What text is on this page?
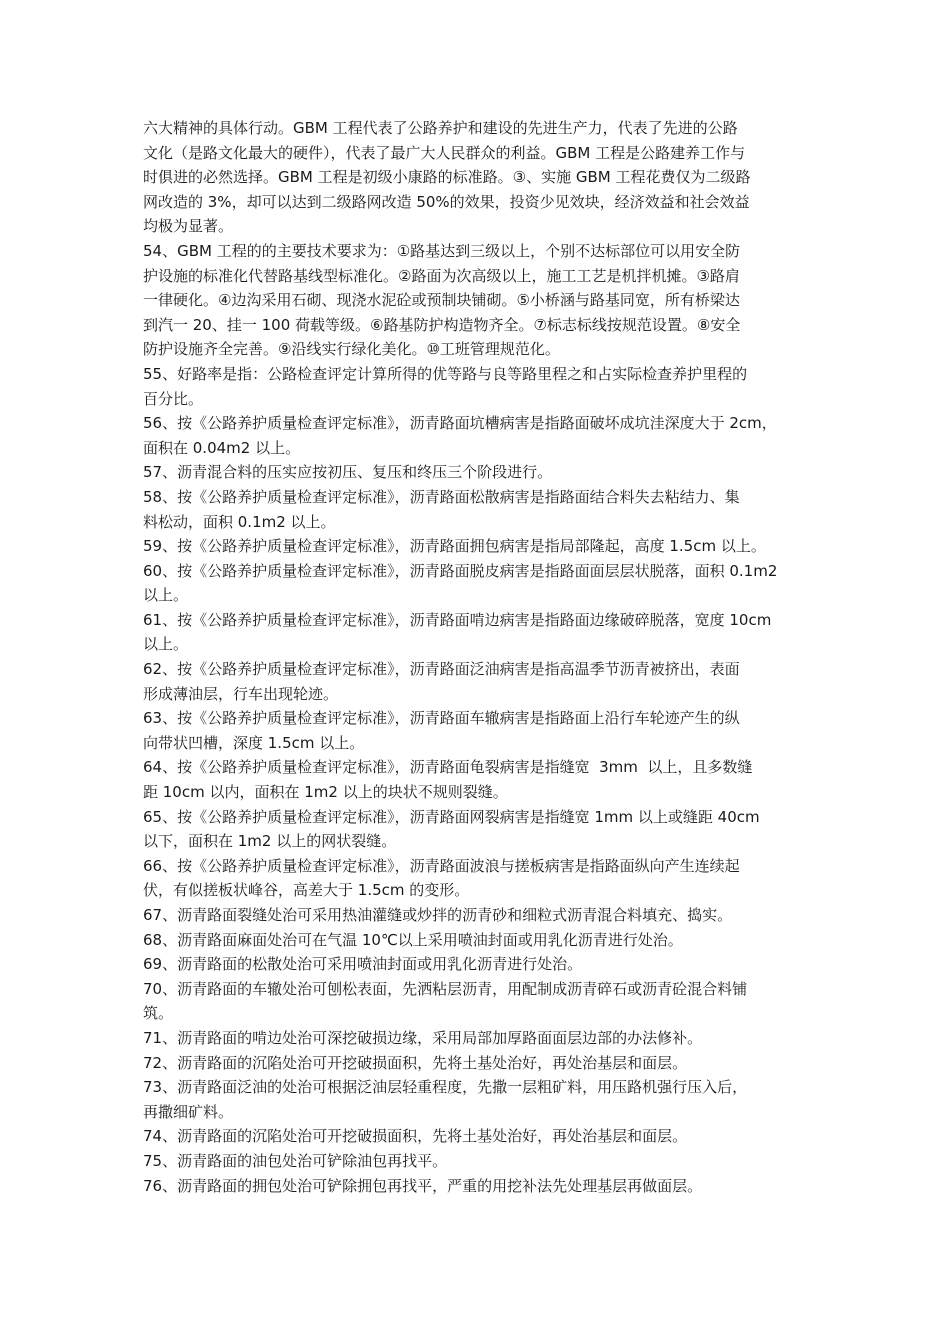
六大精神的具体行动。GBM 工程代表了公路养护和建设的先进生产力，代表了先进的公路

文化（是路文化最大的硬件），代表了最广大人民群众的利益。GBM 工程是公路建养工作与

时俱进的必然选择。GBM 工程是初级小康路的标准路。③、实施 GBM 工程花费仅为二级路

网改造的 3%，却可以达到二级路网改造 50%的效果，投资少见效块，经济效益和社会效益

均极为显著。

54、GBM 工程的的主要技术要求为：①路基达到三级以上，个别不达标部位可以用安全防

护设施的标准化代替路基线型标准化。②路面为次高级以上，施工工艺是机拌机摊。③路肩

一律硬化。④边沟采用石砌、现浇水泥砼或预制块铺砌。⑤小桥涵与路基同宽，所有桥梁达

到汽一 20、挂一 100 荷载等级。⑥路基防护构造物齐全。⑦标志标线按规范设置。⑧安全

防护设施齐全完善。⑨沿线实行绿化美化。⑩工班管理规范化。

55、好路率是指：公路检查评定计算所得的优等路与良等路里程之和占实际检查养护里程的

百分比。

56、按《公路养护质量检查评定标准》，沥青路面坑槽病害是指路面破坏成坑洼深度大于 2cm，

面积在 0.04m2 以上。

57、沥青混合料的压实应按初压、复压和终压三个阶段进行。

58、按《公路养护质量检查评定标准》，沥青路面松散病害是指路面结合料失去粘结力、集

料松动，面积 0.1m2 以上。

59、按《公路养护质量检查评定标准》，沥青路面拥包病害是指局部隆起，高度 1.5cm 以上。

60、按《公路养护质量检查评定标准》，沥青路面脱皮病害是指路面面层层状脱落，面积 0.1m2

以上。

61、按《公路养护质量检查评定标准》，沥青路面啃边病害是指路面边缘破碎脱落，宽度 10cm

以上。

62、按《公路养护质量检查评定标准》，沥青路面泛油病害是指高温季节沥青被挤出，表面

形成薄油层，行车出现轮迹。

63、按《公路养护质量检查评定标准》，沥青路面车辙病害是指路面上沿行车轮迹产生的纵

向带状凹槽，深度 1.5cm 以上。

64、按《公路养护质量检查评定标准》，沥青路面龟裂病害是指缝宽  3mm  以上，且多数缝

距 10cm 以内，面积在 1m2 以上的块状不规则裂缝。

65、按《公路养护质量检查评定标准》，沥青路面网裂病害是指缝宽 1mm 以上或缝距 40cm

以下，面积在 1m2 以上的网状裂缝。

66、按《公路养护质量检查评定标准》，沥青路面波浪与搓板病害是指路面纵向产生连续起

伏，有似搓板状峰谷，高差大于 1.5cm 的变形。

67、沥青路面裂缝处治可采用热油灌缝或炒拌的沥青砂和细粒式沥青混合料填充、捣实。

68、沥青路面麻面处治可在气温 10℃以上采用喷油封面或用乳化沥青进行处治。

69、沥青路面的松散处治可采用喷油封面或用乳化沥青进行处治。

70、沥青路面的车辙处治可刨松表面，先洒粘层沥青，用配制成沥青碎石或沥青砼混合料铺

筑。

71、沥青路面的啃边处治可深挖破损边缘，采用局部加厚路面面层边部的办法修补。

72、沥青路面的沉陷处治可开挖破损面积，先将土基处治好，再处治基层和面层。

73、沥青路面泛油的处治可根据泛油层轻重程度，先撒一层粗矿料，用压路机强行压入后，

再撒细矿料。

74、沥青路面的沉陷处治可开挖破损面积，先将土基处治好，再处治基层和面层。

75、沥青路面的油包处治可铲除油包再找平。

76、沥青路面的拥包处治可铲除拥包再找平，严重的用挖补法先处理基层再做面层。
